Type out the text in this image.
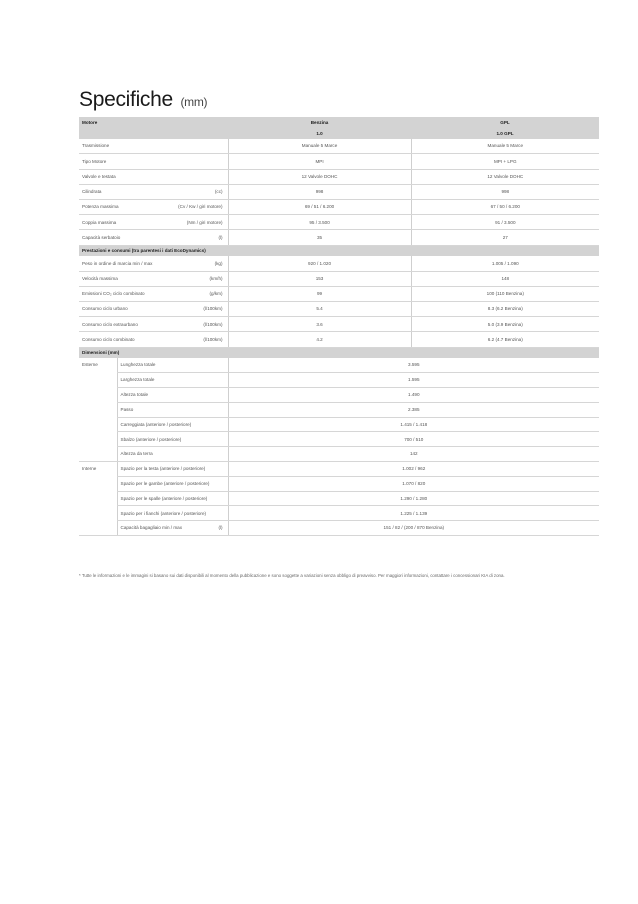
Specifiche (mm)
Motore			Benzina	GPL
			1.0	1.0 GPL
Trasmissione			Manuale 5 Marce	Manuale 5 Marce
Tipo Motore			MPI	MPI + LPG
Valvole e testata			12 Valvole DOHC	12 Valvole DOHC
Cilindrata		(cc)	998	998
Potenza massima		(Cv / Kw / giri motore)	69 / 51 / 6.200	67 / 50 / 6.200
Coppia massima		(Nm / giri motore)	95 / 3.500	91 / 3.500
Capacità serbatoio		(l)	35	27
Prestazioni e consumi (tra parentesi i dati EcoDynamics)				
Peso in ordine di marcia min / max		(kg)	920 / 1.020	1.005 / 1.090
Velocità massima		(km/h)	153	148
Emissioni CO₂ ciclo combinato		(g/km)	99	100 (110 Benzina)
Consumo ciclo urbano		(l/100km)	5.4	8.3 (6.2 Benzina)
Consumo ciclo extraurbano		(l/100km)	3.6	5.0 (3.9 Benzina)
Consumo ciclo combinato		(l/100km)	4.2	6.2 (4.7 Benzina)
Dimensioni (mm)				
Esterne	Lunghezza totale		3.595	
	Larghezza totale		1.595	
	Altezza totale		1.490	
	Passo		2.385	
	Carreggiata (anteriore / posteriore)		1.415 / 1.418	
	Sbalzo (anteriore / posteriore)		700 / 510	
	Altezza da terra		142	
Interne	Spazio per la testa (anteriore / posteriore)		1.002 / 962	
	Spazio per le gambe (anteriore / posteriore)		1.070 / 820	
	Spazio per le spalle (anteriore / posteriore)		1.290 / 1.280	
	Spazio per i fianchi (anteriore / posteriore)		1.225 / 1.139	
	Capacità bagagliaio min / max	(l)	151 / 82 / (200 / 870 Benzina)	

* Tutte le informazioni e le immagini si basano sui dati disponibili al momento della pubblicazione e sono soggette a variazioni senza obbligo di preavviso. Per maggiori informazioni, contattare i concessionari KIA di zona.
